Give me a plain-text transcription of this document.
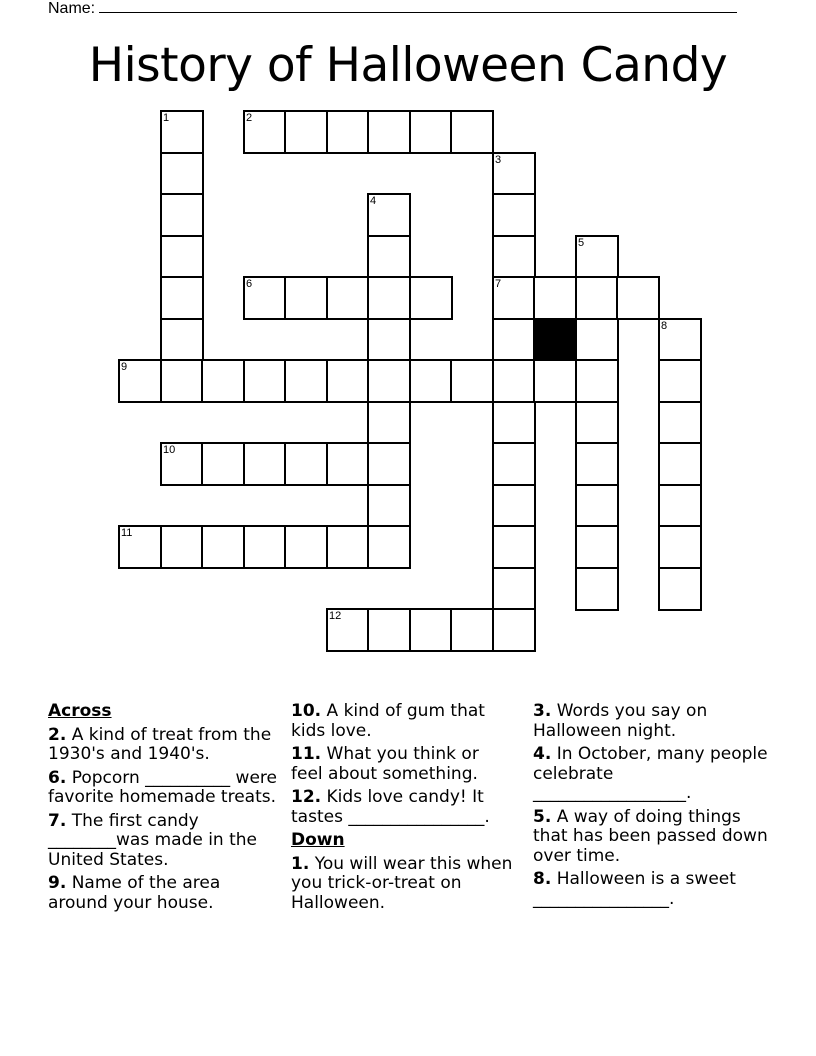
Name:
History of Halloween Candy
1	2
3
4
5
6	7
8
9
10
11
12
Across
2. A kind of treat from the 1930's and 1940's.
6. Popcorn __________ were favorite homemade treats.
7. The first candy ________was made in the United States.
9. Name of the area around your house.
10. A kind of gum that kids love.
11. What you think or feel about something.
12. Kids love candy! It tastes ________________.
Down
1. You will wear this when you trick-or-treat on Halloween.
3. Words you say on Halloween night.
4. In October, many people celebrate __________________.
5. A way of doing things that has been passed down over time.
8. Halloween is a sweet ________________.
